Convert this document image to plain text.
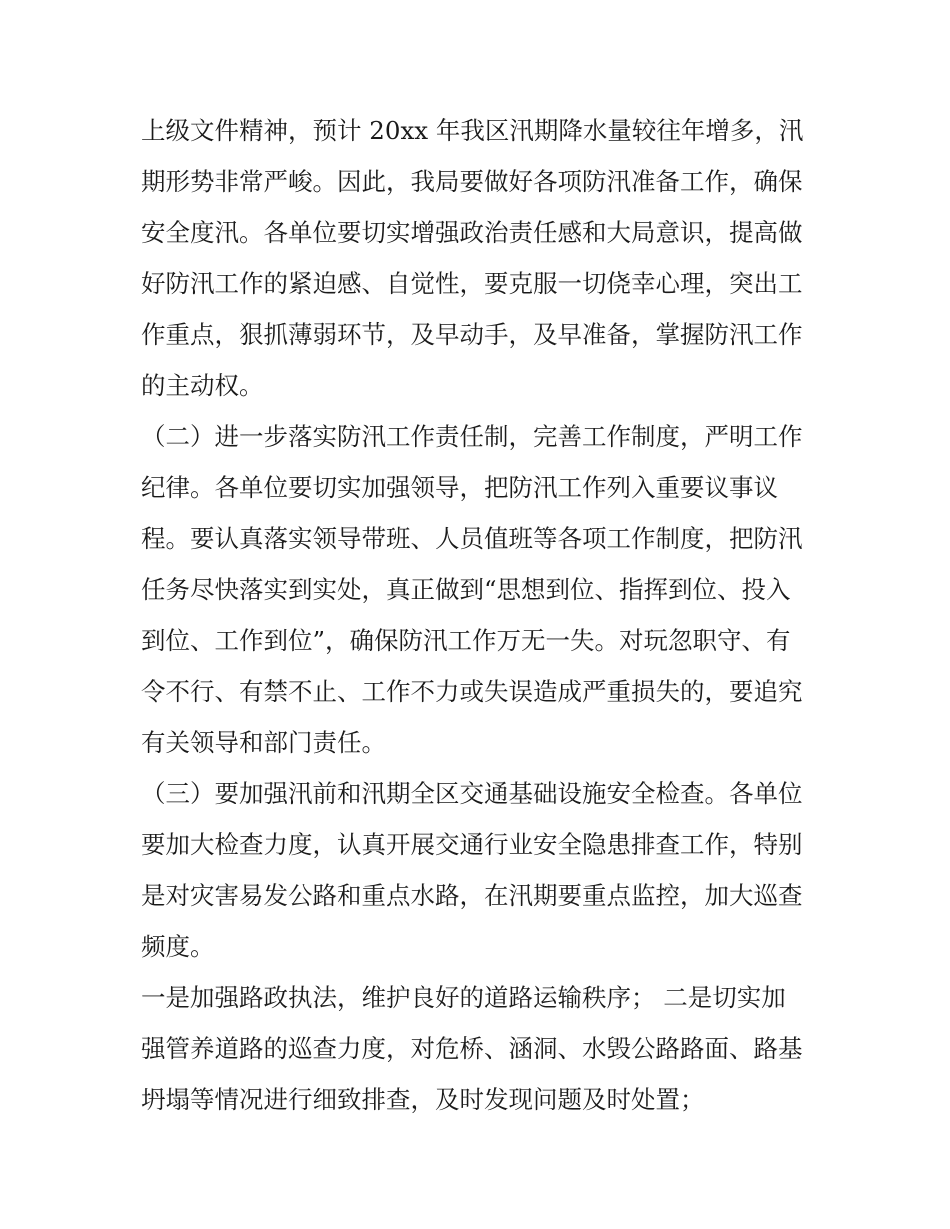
上级文件精神，预计 20xx 年我区汛期降水量较往年增多，汛
期形势非常严峻。因此，我局要做好各项防汛准备工作，确保
安全度汛。各单位要切实增强政治责任感和大局意识，提高做
好防汛工作的紧迫感、自觉性，要克服一切侥幸心理，突出工
作重点，狠抓薄弱环节，及早动手，及早准备，掌握防汛工作
的主动权。
（二）进一步落实防汛工作责任制，完善工作制度，严明工作
纪律。各单位要切实加强领导，把防汛工作列入重要议事议
程。要认真落实领导带班、人员值班等各项工作制度，把防汛
任务尽快落实到实处，真正做到“思想到位、指挥到位、投入
到位、工作到位”，确保防汛工作万无一失。对玩忽职守、有
令不行、有禁不止、工作不力或失误造成严重损失的，要追究
有关领导和部门责任。
（三）要加强汛前和汛期全区交通基础设施安全检查。各单位
要加大检查力度，认真开展交通行业安全隐患排查工作，特别
是对灾害易发公路和重点水路，在汛期要重点监控，加大巡查
频度。
一是加强路政执法，维护良好的道路运输秩序； 二是切实加
强管养道路的巡查力度，对危桥、涵洞、水毁公路路面、路基
坍塌等情况进行细致排查，及时发现问题及时处置；
